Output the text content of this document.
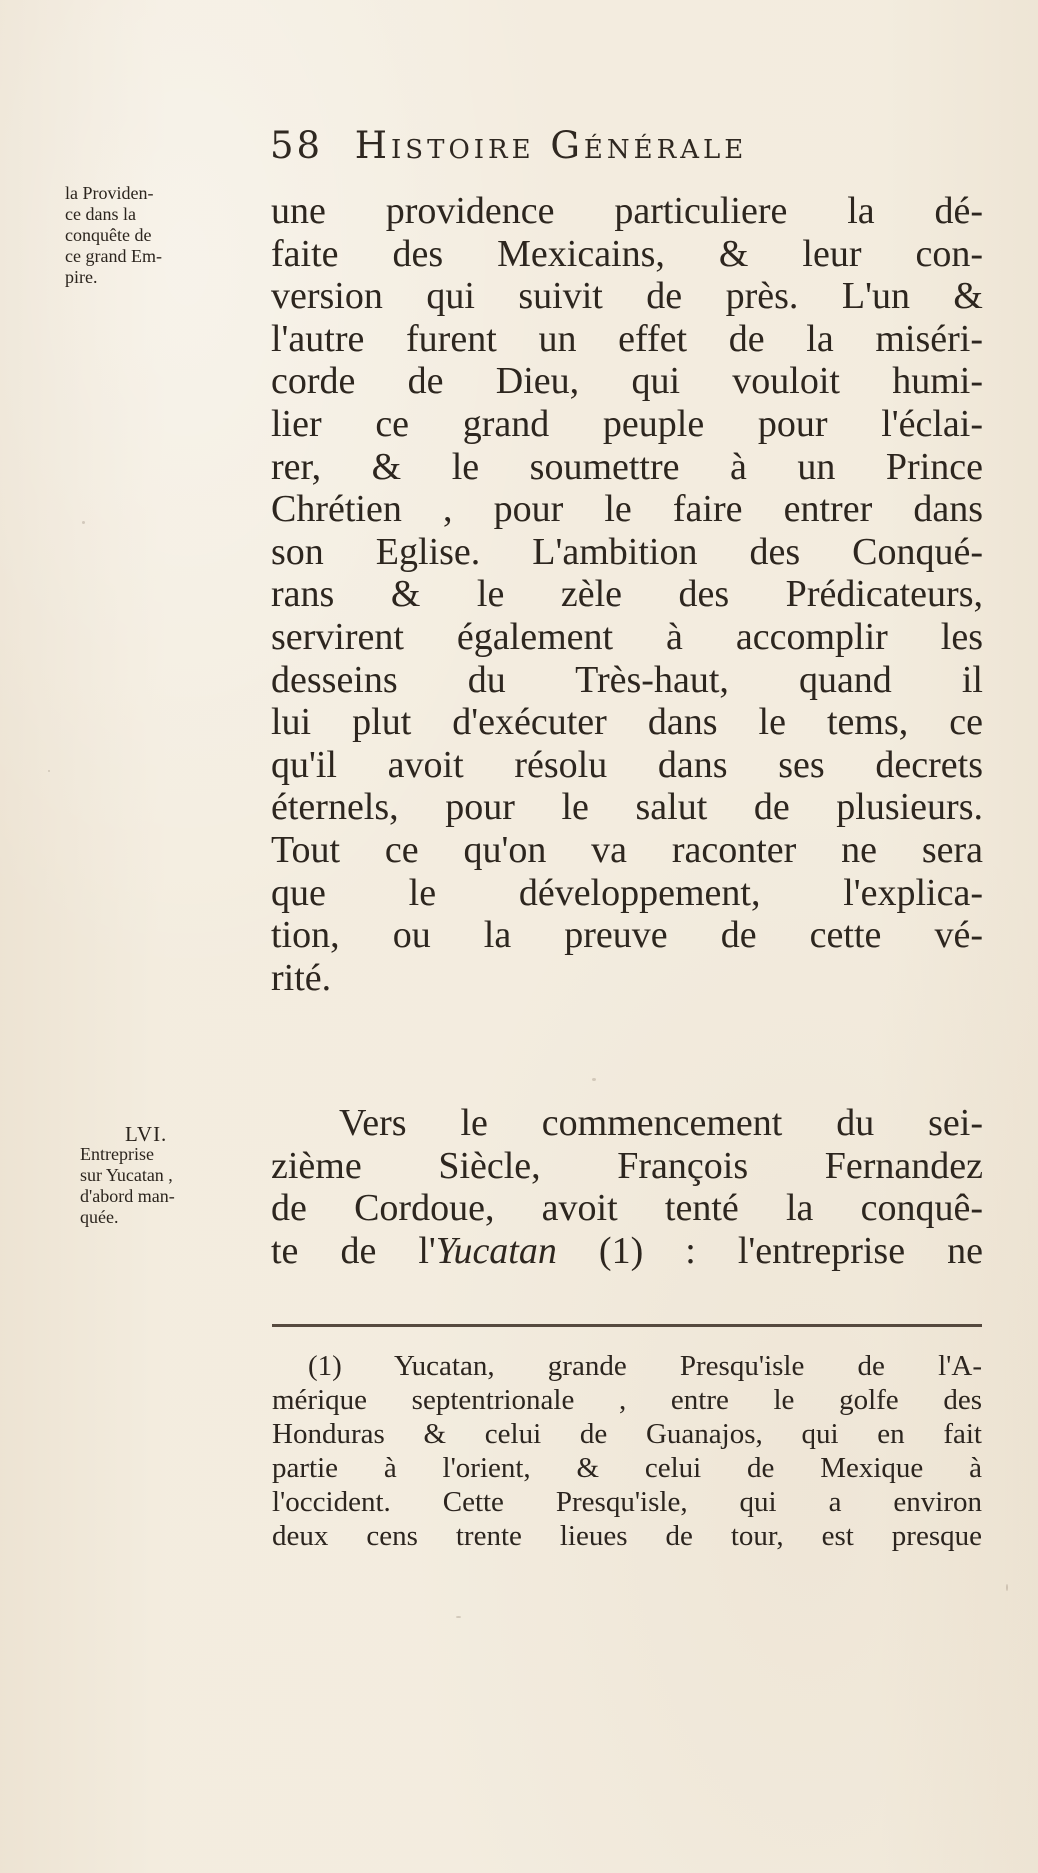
58 Histoire Générale
la Providen-
ce dans la
conquête de
ce grand Em-
pire.
une providence particuliere la dé-
faite des Mexicains, & leur con-
version qui suivit de près. L'un &
l'autre furent un effet de la miséri-
corde de Dieu, qui vouloit humi-
lier ce grand peuple pour l'éclai-
rer, & le soumettre à un Prince
Chrétien , pour le faire entrer dans
son Eglise. L'ambition des Conqué-
rans & le zèle des Prédicateurs,
servirent également à accomplir les
desseins du Très-haut, quand il
lui plut d'exécuter dans le tems, ce
qu'il avoit résolu dans ses decrets
éternels, pour le salut de plusieurs.
Tout ce qu'on va raconter ne sera
que le développement, l'explica-
tion, ou la preuve de cette vé-
rité.
LVI.
Entreprise
sur Yucatan ,
d'abord man-
quée.
Vers le commencement du sei-
zième Siècle, François Fernandez
de Cordoue, avoit tenté la conquê-
te de l'Yucatan (1) : l'entreprise ne
(1) Yucatan, grande Presqu'isle de l'A-
mérique septentrionale , entre le golfe des
Honduras & celui de Guanajos, qui en fait
partie à l'orient, & celui de Mexique à
l'occident. Cette Presqu'isle, qui a environ
deux cens trente lieues de tour, est presque
